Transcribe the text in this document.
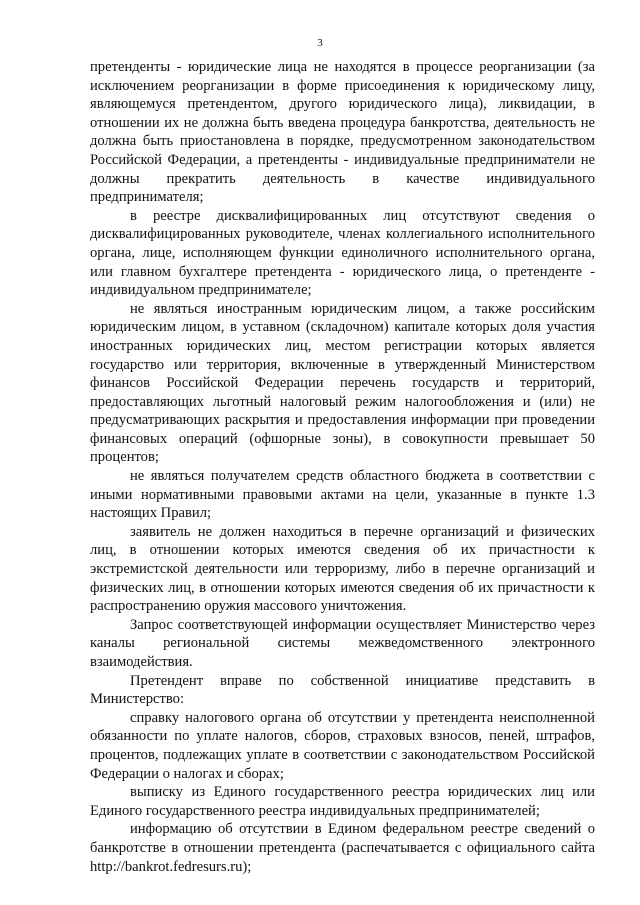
3

претенденты - юридические лица не находятся в процессе реорганизации (за исключением реорганизации в форме присоединения к юридическому лицу, являющемуся претендентом, другого юридического лица), ликвидации, в отношении их не должна быть введена процедура банкротства, деятельность не должна быть приостановлена в порядке, предусмотренном законодательством Российской Федерации, а претенденты - индивидуальные предприниматели не должны прекратить деятельность в качестве индивидуального предпринимателя;

в реестре дисквалифицированных лиц отсутствуют сведения о дисквалифицированных руководителе, членах коллегиального исполнительного органа, лице, исполняющем функции единоличного исполнительного органа, или главном бухгалтере претендента - юридического лица, о претенденте - индивидуальном предпринимателе;

не являться иностранным юридическим лицом, а также российским юридическим лицом, в уставном (складочном) капитале которых доля участия иностранных юридических лиц, местом регистрации которых является государство или территория, включенные в утвержденный Министерством финансов Российской Федерации перечень государств и территорий, предоставляющих льготный налоговый режим налогообложения и (или) не предусматривающих раскрытия и предоставления информации при проведении финансовых операций (офшорные зоны), в совокупности превышает 50 процентов;

не являться получателем средств областного бюджета в соответствии с иными нормативными правовыми актами на цели, указанные в пункте 1.3 настоящих Правил;

заявитель не должен находиться в перечне организаций и физических лиц, в отношении которых имеются сведения об их причастности к экстремистской деятельности или терроризму, либо в перечне организаций и физических лиц, в отношении которых имеются сведения об их причастности к распространению оружия массового уничтожения.

Запрос соответствующей информации осуществляет Министерство через каналы региональной системы межведомственного электронного взаимодействия.

Претендент вправе по собственной инициативе представить в Министерство:

справку налогового органа об отсутствии у претендента неисполненной обязанности по уплате налогов, сборов, страховых взносов, пеней, штрафов, процентов, подлежащих уплате в соответствии с законодательством Российской Федерации о налогах и сборах;

выписку из Единого государственного реестра юридических лиц или Единого государственного реестра индивидуальных предпринимателей;

информацию об отсутствии в Едином федеральном реестре сведений о банкротстве в отношении претендента (распечатывается с официального сайта http://bankrot.fedresurs.ru);
